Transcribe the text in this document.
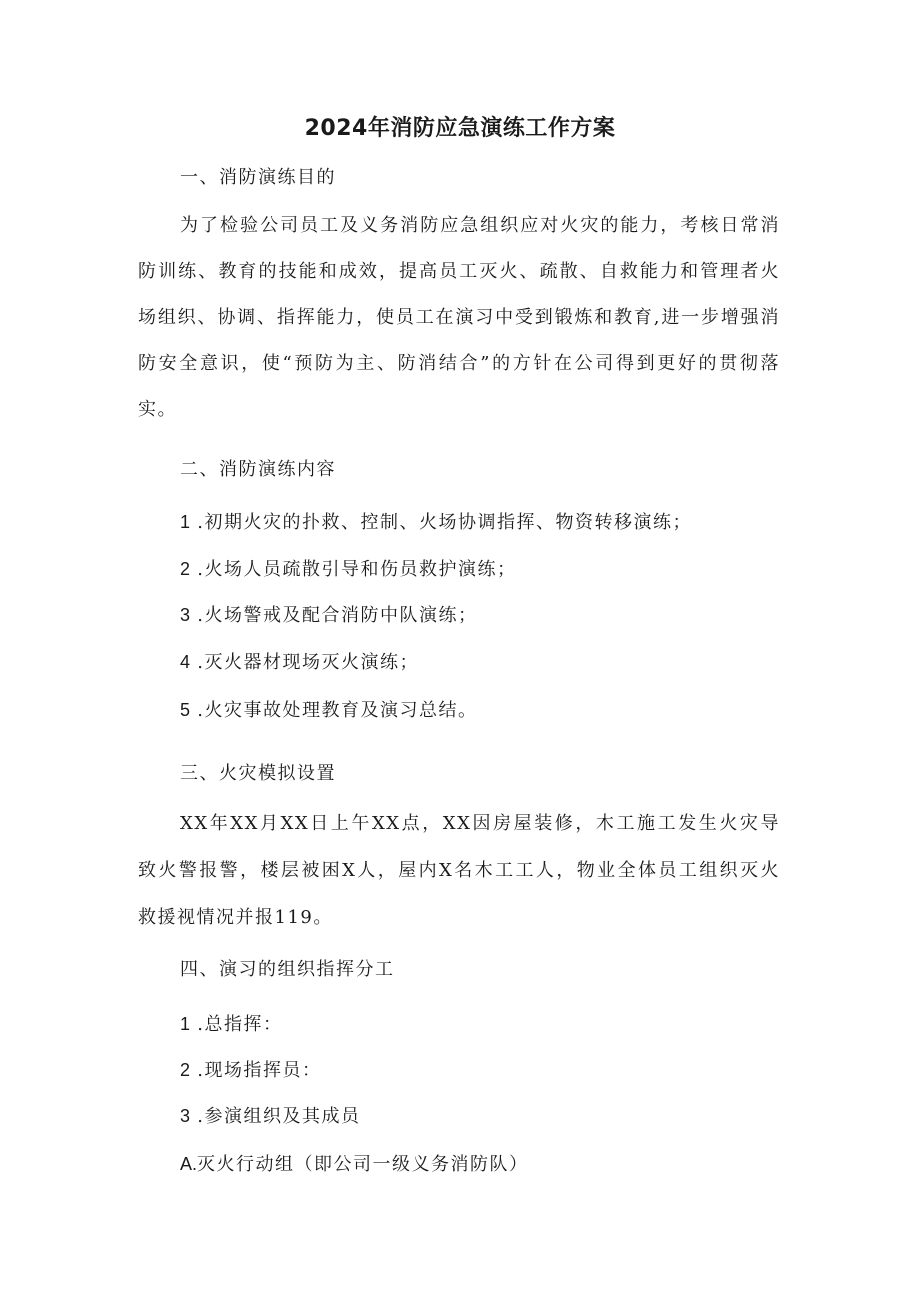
2024年消防应急演练工作方案
一、消防演练目的
为了检验公司员工及义务消防应急组织应对火灾的能力，考核日常消
防训练、教育的技能和成效，提高员工灭火、疏散、自救能力和管理者火
场组织、协调、指挥能力，使员工在演习中受到锻炼和教育,进一步增强消
防安全意识，使“预防为主、防消结合”的方针在公司得到更好的贯彻落
实。
二、消防演练内容
1 .初期火灾的扑救、控制、火场协调指挥、物资转移演练；
2 .火场人员疏散引导和伤员救护演练；
3 .火场警戒及配合消防中队演练；
4 .灭火器材现场灭火演练；
5 .火灾事故处理教育及演习总结。
三、火灾模拟设置
XX年XX月XX日上午XX点，XX因房屋装修，木工施工发生火灾导
致火警报警，楼层被困X人，屋内X名木工工人，物业全体员工组织灭火
救援视情况并报119。
四、演习的组织指挥分工
1 .总指挥：
2 .现场指挥员：
3 .参演组织及其成员
A.灭火行动组（即公司一级义务消防队）
